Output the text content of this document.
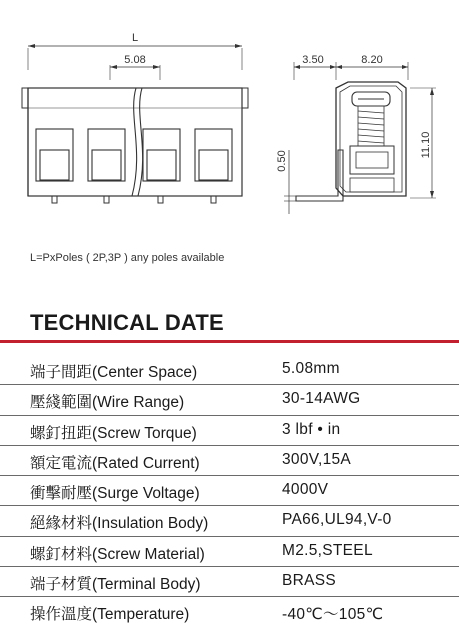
L
5.08	3.50	8.20
11.10
0.50
L=PxPoles ( 2P,3P ) any poles available
TECHNICAL DATE
端子間距(Center Space)	5.08mm
壓綫範圍(Wire Range)	30-14AWG
螺釘扭距(Screw Torque)	3 lbf • in
額定電流(Rated Current)	300V,15A
衝擊耐壓(Surge Voltage)	4000V
絕緣材料(Insulation Body)	PA66,UL94,V-0
螺釘材料(Screw Material)	M2.5,STEEL
端子材質(Terminal Body)	BRASS
操作溫度(Temperature)	-40℃～105℃
